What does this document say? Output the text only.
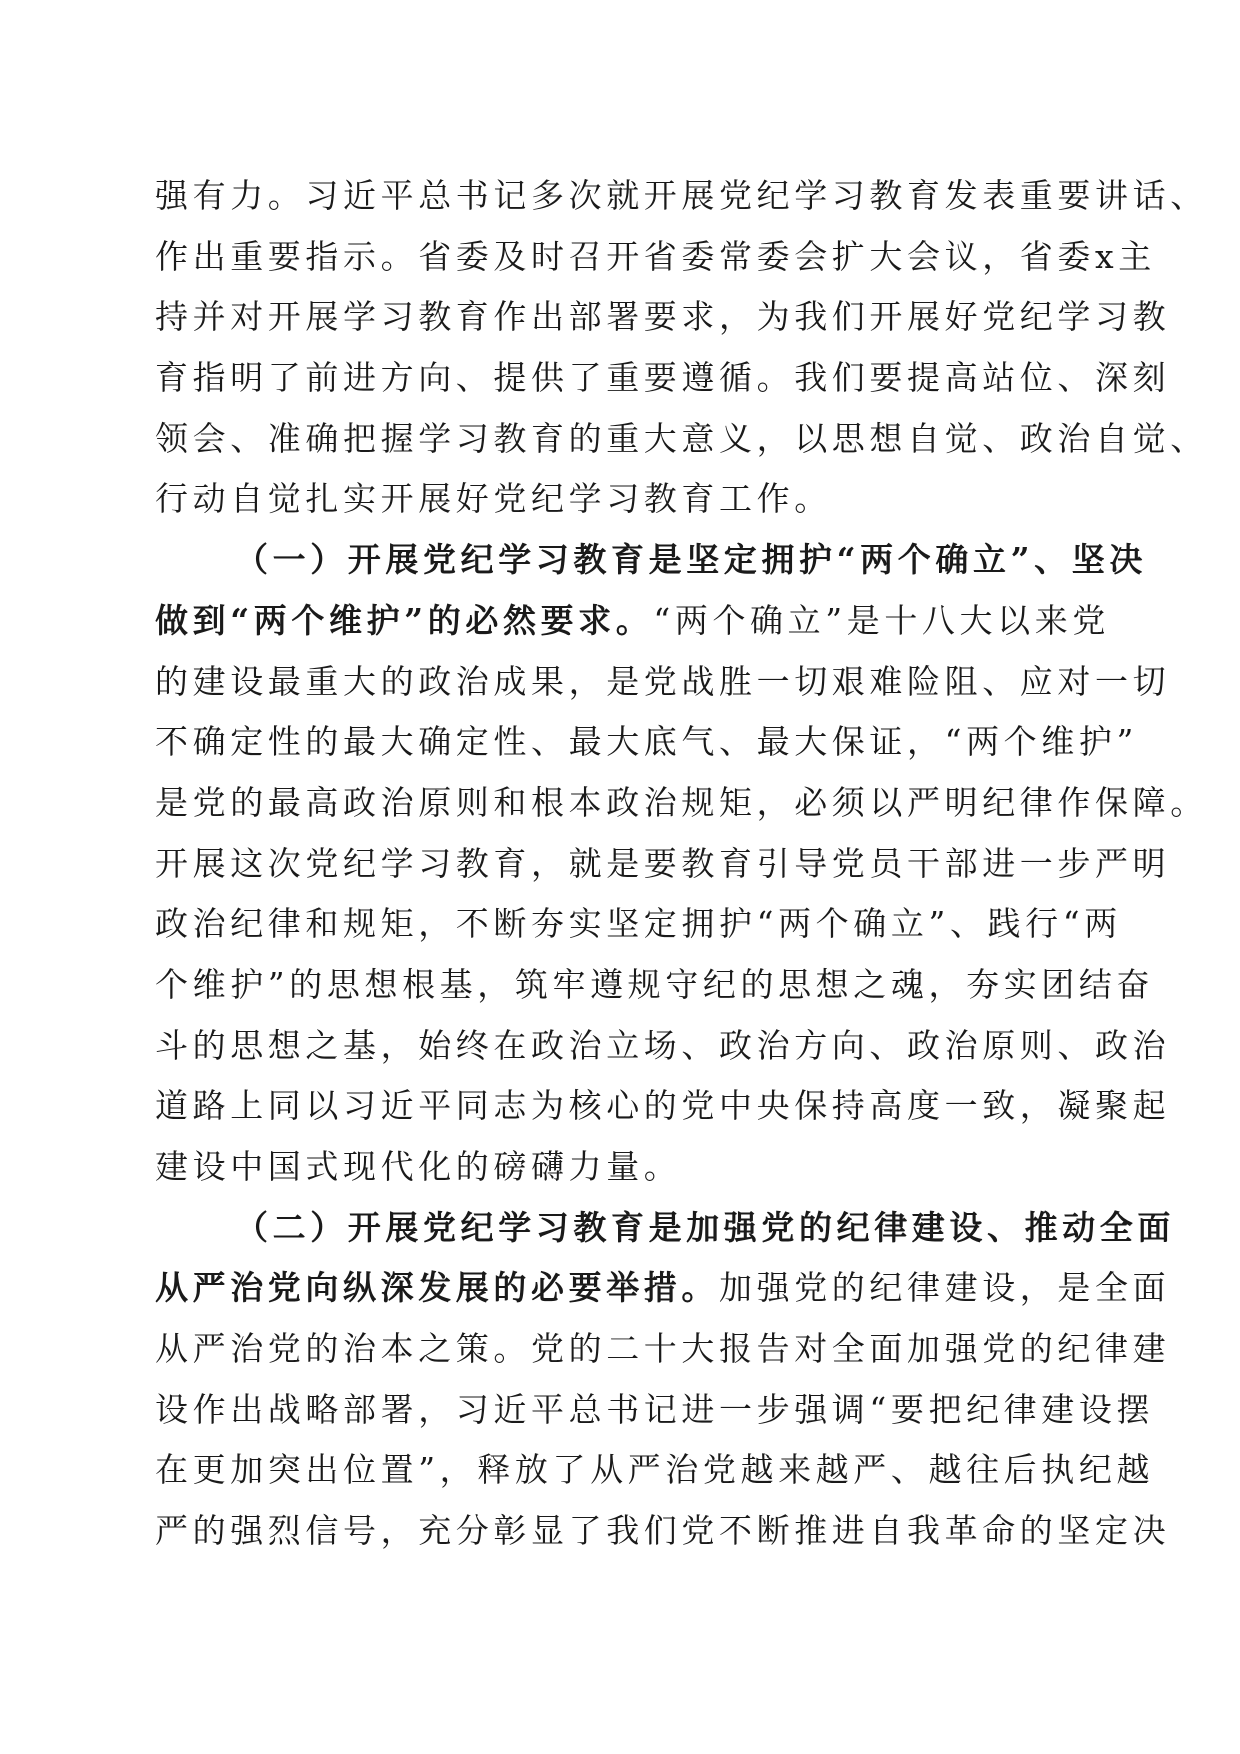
强有力。习近平总书记多次就开展党纪学习教育发表重要讲话、
作出重要指示。省委及时召开省委常委会扩大会议，省委x主
持并对开展学习教育作出部署要求，为我们开展好党纪学习教
育指明了前进方向、提供了重要遵循。我们要提高站位、深刻
领会、准确把握学习教育的重大意义，以思想自觉、政治自觉、
行动自觉扎实开展好党纪学习教育工作。
（一）开展党纪学习教育是坚定拥护“两个确立”、坚决
做到“两个维护”的必然要求。“两个确立”是十八大以来党
的建设最重大的政治成果，是党战胜一切艰难险阻、应对一切
不确定性的最大确定性、最大底气、最大保证，“两个维护”
是党的最高政治原则和根本政治规矩，必须以严明纪律作保障。
开展这次党纪学习教育，就是要教育引导党员干部进一步严明
政治纪律和规矩，不断夯实坚定拥护“两个确立”、践行“两
个维护”的思想根基，筑牢遵规守纪的思想之魂，夯实团结奋
斗的思想之基，始终在政治立场、政治方向、政治原则、政治
道路上同以习近平同志为核心的党中央保持高度一致，凝聚起
建设中国式现代化的磅礴力量。
（二）开展党纪学习教育是加强党的纪律建设、推动全面
从严治党向纵深发展的必要举措。加强党的纪律建设，是全面
从严治党的治本之策。党的二十大报告对全面加强党的纪律建
设作出战略部署，习近平总书记进一步强调“要把纪律建设摆
在更加突出位置”，释放了从严治党越来越严、越往后执纪越
严的强烈信号，充分彰显了我们党不断推进自我革命的坚定决
